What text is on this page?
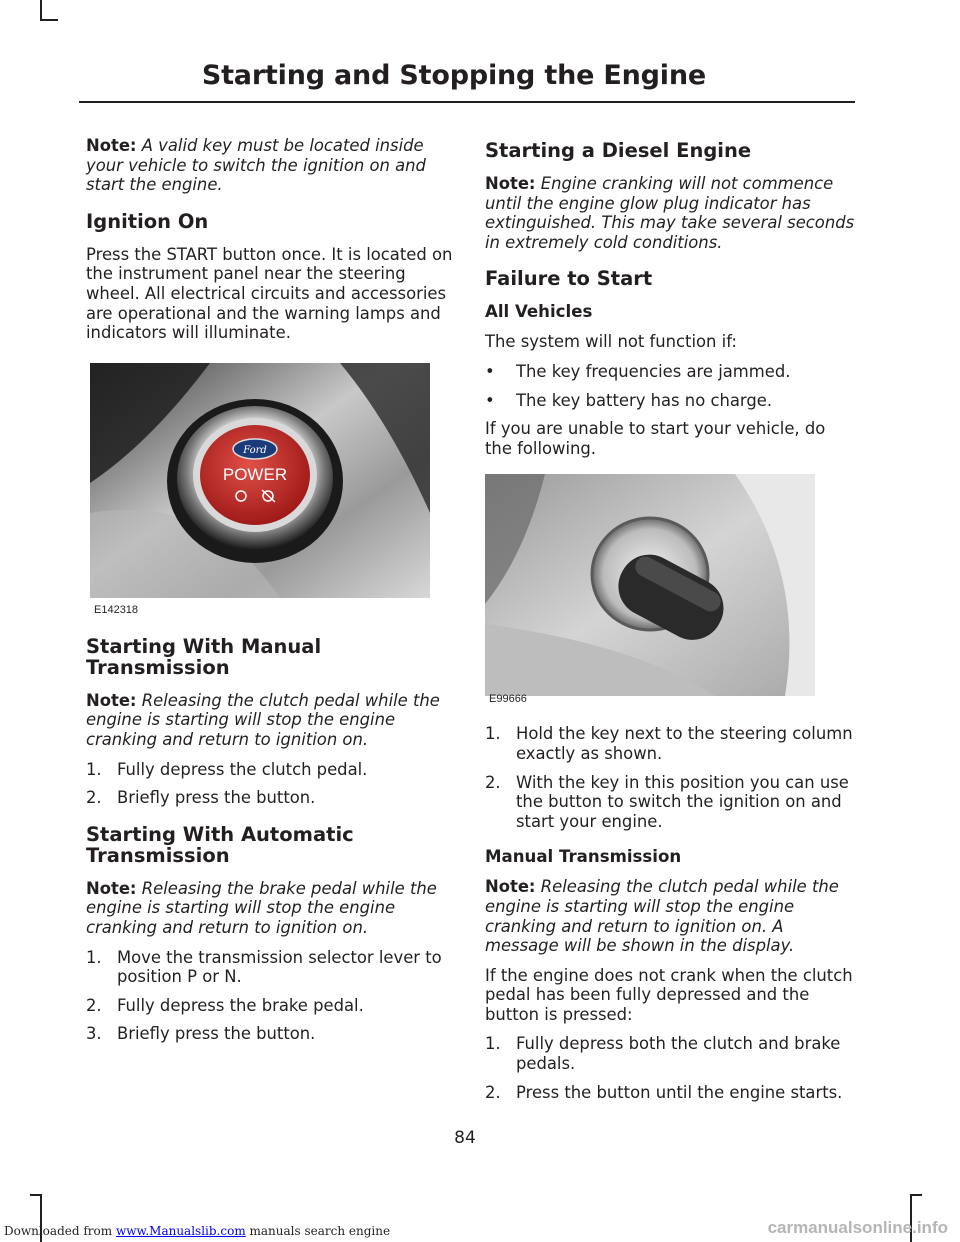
Starting and Stopping the Engine

Note: A valid key must be located inside your vehicle to switch the ignition on and start the engine.

Ignition On

Press the START button once. It is located on the instrument panel near the steering wheel. All electrical circuits and accessories are operational and the warning lamps and indicators will illuminate.

Ford
POWER
E142318
Starting With Manual Transmission

Note: Releasing the clutch pedal while the engine is starting will stop the engine cranking and return to ignition on.

1. Fully depress the clutch pedal.
2. Briefly press the button.
Starting With Automatic Transmission

Note: Releasing the brake pedal while the engine is starting will stop the engine cranking and return to ignition on.

1. Move the transmission selector lever to position P or N.
2. Fully depress the brake pedal.
3. Briefly press the button.
Starting a Diesel Engine

Note: Engine cranking will not commence until the engine glow plug indicator has extinguished. This may take several seconds in extremely cold conditions.

Failure to Start
All Vehicles

The system will not function if:

• The key frequencies are jammed.
• The key battery has no charge.

If you are unable to start your vehicle, do the following.

E99666
1. Hold the key next to the steering column exactly as shown.
2. With the key in this position you can use the button to switch the ignition on and start your engine.
Manual Transmission

Note: Releasing the clutch pedal while the engine is starting will stop the engine cranking and return to ignition on. A message will be shown in the display.

If the engine does not crank when the clutch pedal has been fully depressed and the button is pressed:

1. Fully depress both the clutch and brake pedals.
2. Press the button until the engine starts.
84
Downloaded from www.Manualslib.com manuals search engine	carmanualsonline.info
